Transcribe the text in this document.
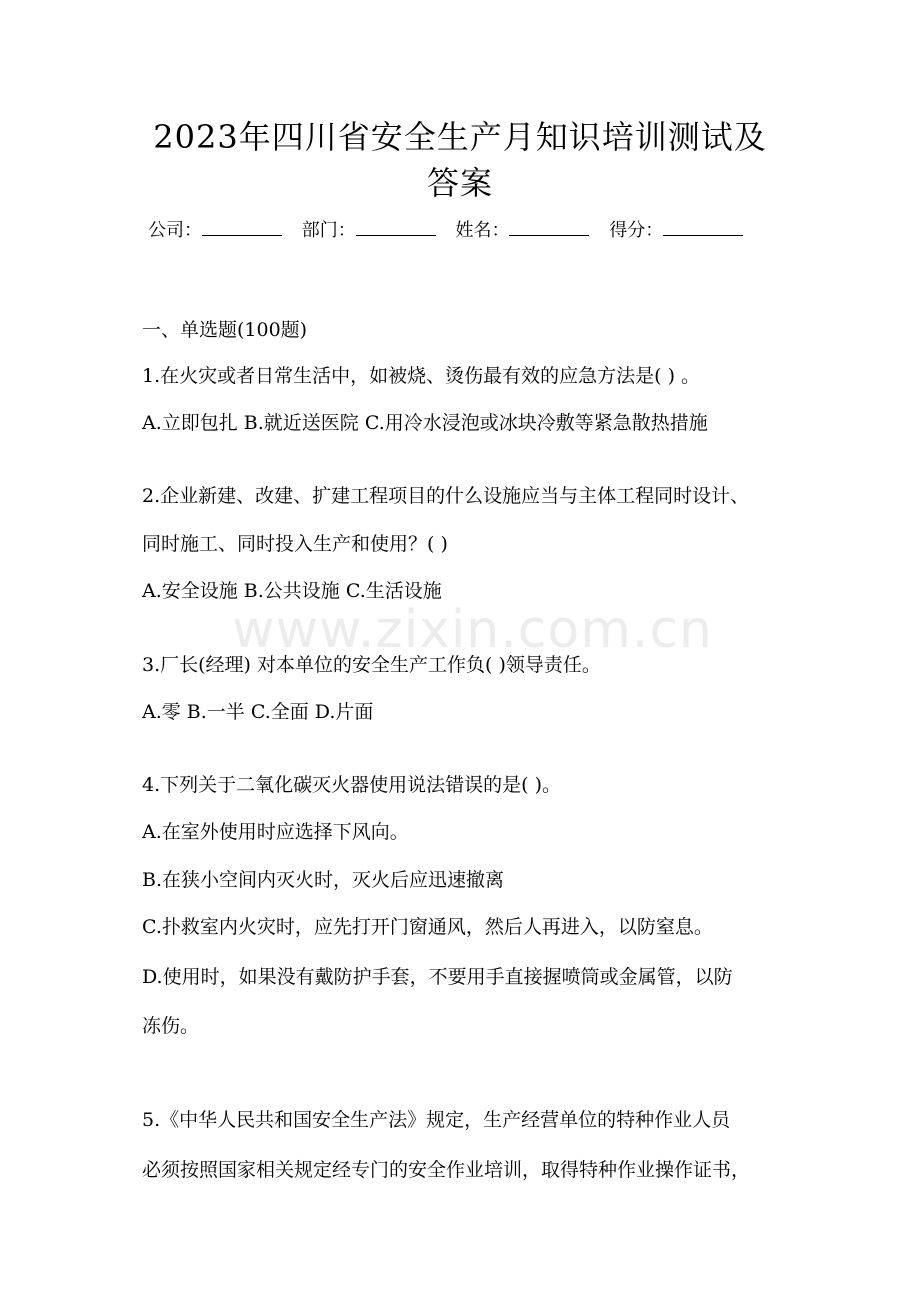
www.zixin.com.cn
2023年四川省安全生产月知识培训测试及
答案
公司：	部门：	姓名：	得分：
一、单选题(100题)
1.在火灾或者日常生活中，如被烧、烫伤最有效的应急方法是( ) 。
A.立即包扎 B.就近送医院 C.用冷水浸泡或冰块冷敷等紧急散热措施
2.企业新建、改建、扩建工程项目的什么设施应当与主体工程同时设计、
同时施工、同时投入生产和使用？( )
A.安全设施 B.公共设施 C.生活设施
3.厂长(经理) 对本单位的安全生产工作负( )领导责任。
A.零 B.一半 C.全面 D.片面
4.下列关于二氧化碳灭火器使用说法错误的是( )。
A.在室外使用时应选择下风向。
B.在狭小空间内灭火时，灭火后应迅速撤离
C.扑救室内火灾时，应先打开门窗通风，然后人再进入，以防窒息。
D.使用时，如果没有戴防护手套，不要用手直接握喷筒或金属管，以防
冻伤。
5.《中华人民共和国安全生产法》规定，生产经营单位的特种作业人员
必须按照国家相关规定经专门的安全作业培训，取得特种作业操作证书，
